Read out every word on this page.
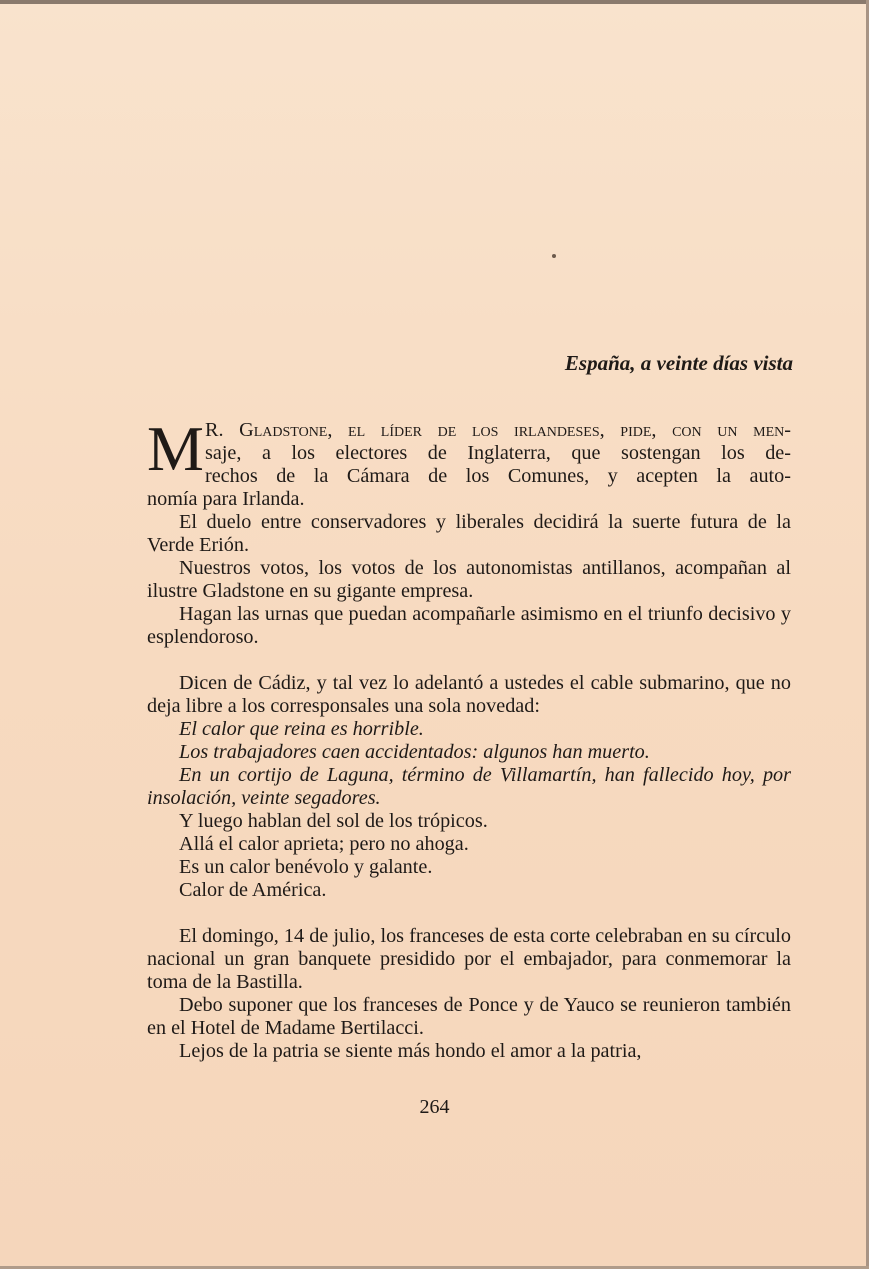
España, a veinte días vista

M R. Gladstone, el líder de los irlandeses, pide, con un men-
saje, a los electores de Inglaterra, que sostengan los de-
rechos de la Cámara de los Comunes, y acepten la auto-
nomía para Irlanda.

El duelo entre conservadores y liberales decidirá la suerte futura de la Verde Erión.

Nuestros votos, los votos de los autonomistas antillanos, acompañan al ilustre Gladstone en su gigante empresa.

Hagan las urnas que puedan acompañarle asimismo en el triunfo decisivo y esplendoroso.

Dicen de Cádiz, y tal vez lo adelantó a ustedes el cable submarino, que no deja libre a los corresponsales una sola novedad:

El calor que reina es horrible.

Los trabajadores caen accidentados: algunos han muerto.

En un cortijo de Laguna, término de Villamartín, han fallecido hoy, por insolación, veinte segadores.

Y luego hablan del sol de los trópicos.

Allá el calor aprieta; pero no ahoga.

Es un calor benévolo y galante.

Calor de América.

El domingo, 14 de julio, los franceses de esta corte celebraban en su círculo nacional un gran banquete presidido por el embajador, para conmemorar la toma de la Bastilla.

Debo suponer que los franceses de Ponce y de Yauco se reunieron también en el Hotel de Madame Bertilacci.

Lejos de la patria se siente más hondo el amor a la patria,

264
